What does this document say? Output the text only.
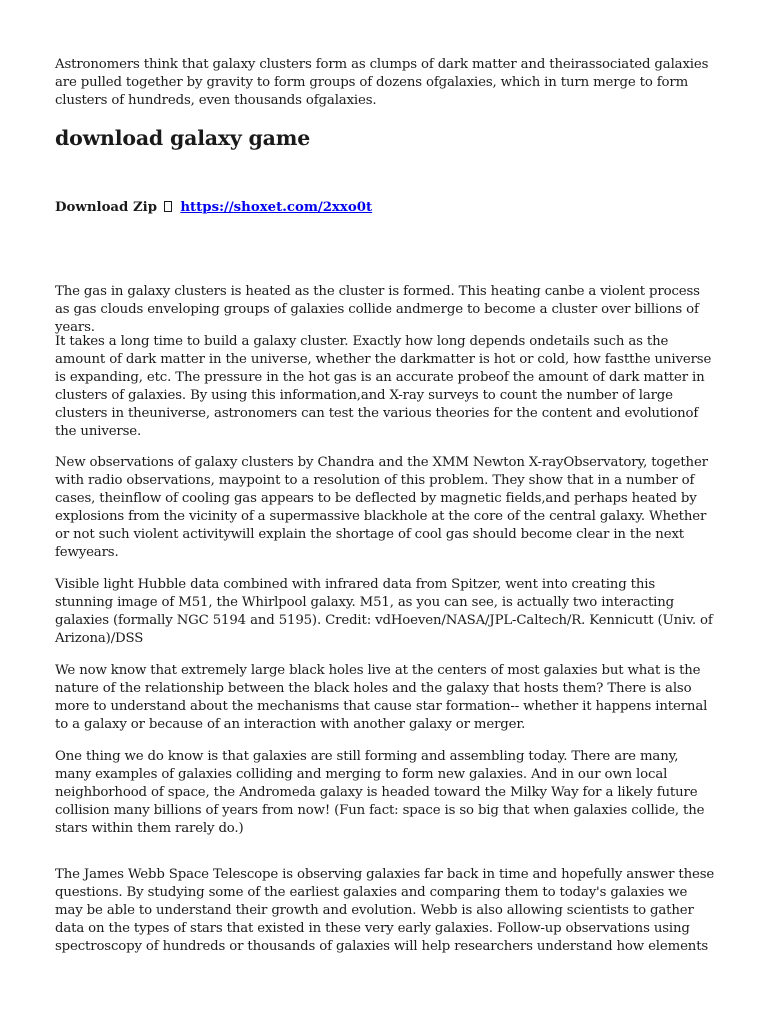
Astronomers think that galaxy clusters form as clumps of dark matter and theirassociated galaxies are pulled together by gravity to form groups of dozens ofgalaxies, which in turn merge to form clusters of hundreds, even thousands ofgalaxies.

download galaxy game
Download Zip https://shoxet.com/2xxo0t

The gas in galaxy clusters is heated as the cluster is formed. This heating canbe a violent process as gas clouds enveloping groups of galaxies collide andmerge to become a cluster over billions of years.

It takes a long time to build a galaxy cluster. Exactly how long depends ondetails such as the amount of dark matter in the universe, whether the darkmatter is hot or cold, how fastthe universe is expanding, etc. The pressure in the hot gas is an accurate probeof the amount of dark matter in clusters of galaxies. By using this information,and X-ray surveys to count the number of large clusters in theuniverse, astronomers can test the various theories for the content and evolutionof the universe.

New observations of galaxy clusters by Chandra and the XMM Newton X-rayObservatory, together with radio observations, maypoint to a resolution of this problem. They show that in a number of cases, theinflow of cooling gas appears to be deflected by magnetic fields,and perhaps heated by explosions from the vicinity of a supermassive blackhole at the core of the central galaxy. Whether or not such violent activitywill explain the shortage of cool gas should become clear in the next fewyears.

Visible light Hubble data combined with infrared data from Spitzer, went into creating this stunning image of M51, the Whirlpool galaxy. M51, as you can see, is actually two interacting galaxies (formally NGC 5194 and 5195). Credit: vdHoeven/NASA/JPL-Caltech/R. Kennicutt (Univ. of Arizona)/DSS

We now know that extremely large black holes live at the centers of most galaxies but what is the nature of the relationship between the black holes and the galaxy that hosts them? There is also more to understand about the mechanisms that cause star formation-- whether it happens internal to a galaxy or because of an interaction with another galaxy or merger.

One thing we do know is that galaxies are still forming and assembling today. There are many, many examples of galaxies colliding and merging to form new galaxies. And in our own local neighborhood of space, the Andromeda galaxy is headed toward the Milky Way for a likely future collision many billions of years from now! (Fun fact: space is so big that when galaxies collide, the stars within them rarely do.)

The James Webb Space Telescope is observing galaxies far back in time and hopefully answer these questions. By studying some of the earliest galaxies and comparing them to today's galaxies we may be able to understand their growth and evolution. Webb is also allowing scientists to gather data on the types of stars that existed in these very early galaxies. Follow-up observations using spectroscopy of hundreds or thousands of galaxies will help researchers understand how elements
